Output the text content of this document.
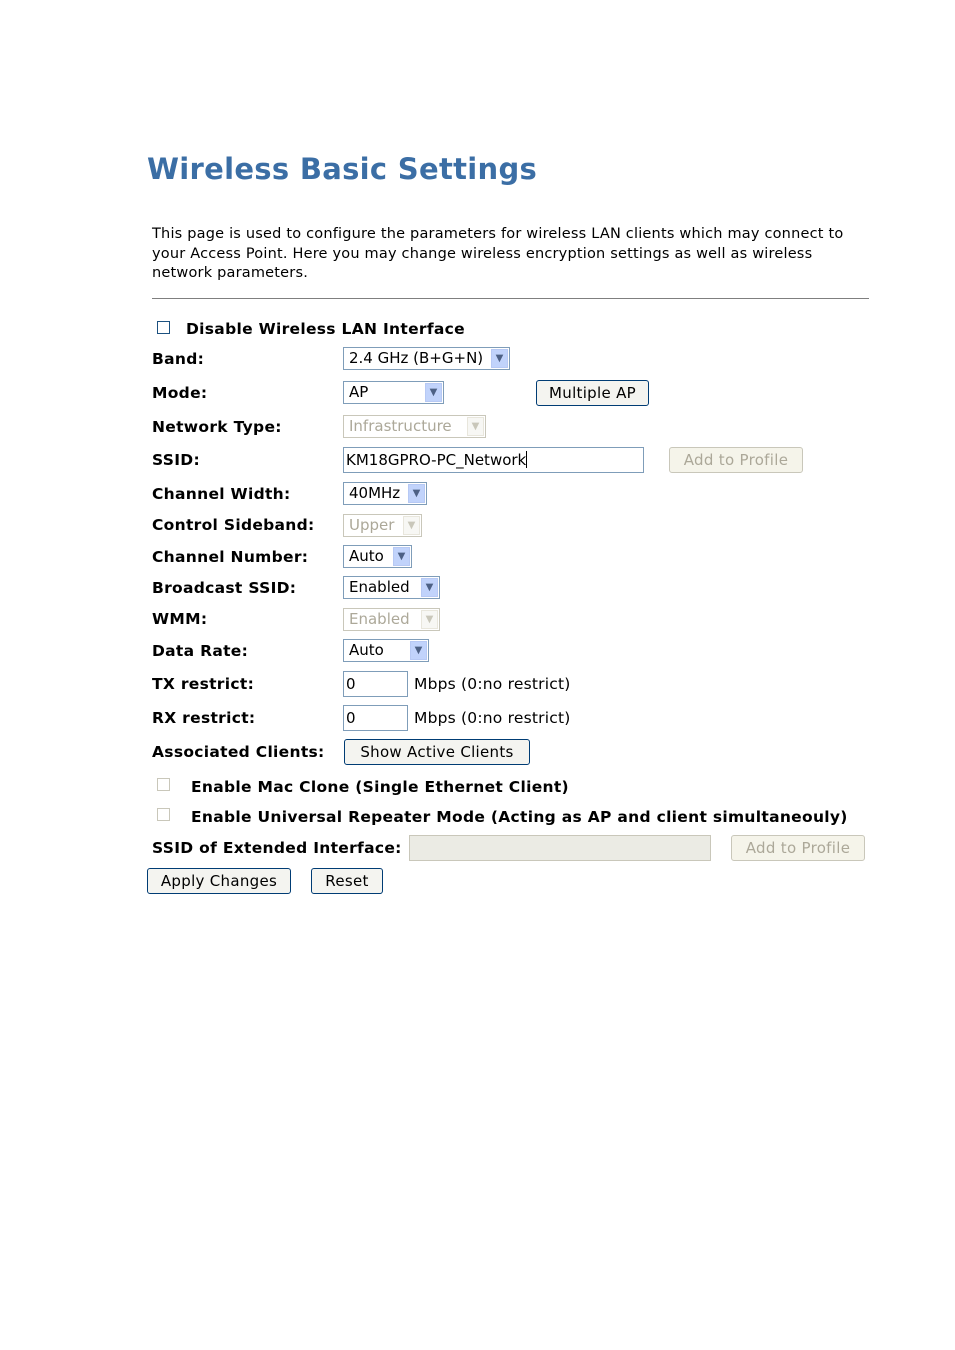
Wireless Basic Settings
This page is used to configure the parameters for wireless LAN clients which may connect to your Access Point. Here you may change wireless encryption settings as well as wireless network parameters.
Disable Wireless LAN Interface
Band:	2.4 GHz (B+G+N)	▼
Mode:	AP	▼	Multiple AP
Network Type:	Infrastructure	▼
SSID:	KM18GPRO-PC_Network	Add to Profile
Channel Width:	40MHz	▼
Control Sideband: Upper	▼
Channel Number:	Auto	▼
Broadcast SSID:	Enabled	▼
WMM:	Enabled	▼
Data Rate:	Auto	▼
TX restrict:	0	Mbps (0:no restrict)
RX restrict:	0	Mbps (0:no restrict)
Associated Clients:	Show Active Clients
Enable Mac Clone (Single Ethernet Client)
Enable Universal Repeater Mode (Acting as AP and client simultaneouly)
SSID of Extended Interface:	Add to Profile
Apply Changes	Reset
